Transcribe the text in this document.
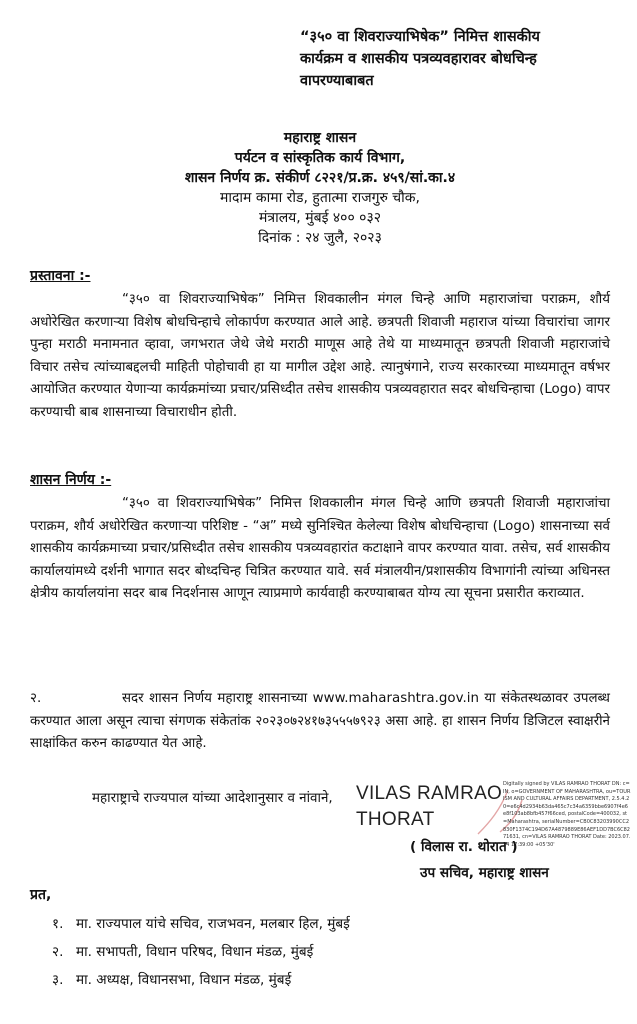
“३५० वा शिवराज्याभिषेक” निमित्त शासकीय
कार्यक्रम व शासकीय पत्रव्यवहारावर बोधचिन्ह
वापरण्याबाबत
महाराष्ट्र शासन
पर्यटन व सांस्कृतिक कार्य विभाग,
शासन निर्णय क्र. संकीर्ण ८२२१/प्र.क्र. ४५९/सां.का.४
मादाम कामा रोड, हुतात्मा राजगुरु चौक,
मंत्रालय, मुंबई ४०० ०३२
दिनांक : २४ जुलै, २०२३
प्रस्तावना :-
“३५० वा शिवराज्याभिषेक” निमित्त शिवकालीन मंगल चिन्हे आणि महाराजांचा पराक्रम, शौर्य अधोरेखित करणाऱ्या विशेष बोधचिन्हाचे लोकार्पण करण्यात आले आहे. छत्रपती शिवाजी महाराज यांच्या विचारांचा जागर पुन्हा मराठी मनामनात व्हावा, जगभरात जेथे जेथे मराठी माणूस आहे तेथे या माध्यमातून छत्रपती शिवाजी महाराजांचे विचार तसेच त्यांच्याबद्दलची माहिती पोहोचावी हा या मागील उद्देश आहे. त्यानुषंगाने, राज्य सरकारच्या माध्यमातून वर्षभर आयोजित करण्यात येणाऱ्या कार्यक्रमांच्या प्रचार/प्रसिध्दीत तसेच शासकीय पत्रव्यवहारात सदर बोधचिन्हाचा (Logo) वापर करण्याची बाब शासनाच्या विचाराधीन होती.
शासन निर्णय :-
“३५० वा शिवराज्याभिषेक” निमित्त शिवकालीन मंगल चिन्हे आणि छत्रपती शिवाजी महाराजांचा पराक्रम, शौर्य अधोरेखित करणाऱ्या परिशिष्ट - “अ” मध्ये सुनिश्चित केलेल्या विशेष बोधचिन्हाचा (Logo) शासनाच्या सर्व शासकीय कार्यक्रमाच्या प्रचार/प्रसिध्दीत तसेच शासकीय पत्रव्यवहारांत कटाक्षाने वापर करण्यात यावा. तसेच, सर्व शासकीय कार्यालयांमध्ये दर्शनी भागात सदर बोध्दचिन्ह चित्रित करण्यात यावे. सर्व मंत्रालयीन/प्रशासकीय विभागांनी त्यांच्या अधिनस्त क्षेत्रीय कार्यालयांना सदर बाब निदर्शनास आणून त्याप्रमाणे कार्यवाही करण्याबाबत योग्य त्या सूचना प्रसारीत कराव्यात.
२.	सदर शासन निर्णय महाराष्ट्र शासनाच्या www.maharashtra.gov.in या संकेतस्थळावर उपलब्ध करण्यात आला असून त्याचा संगणक संकेतांक २०२३०७२४१७३५५५७९२३ असा आहे. हा शासन निर्णय डिजिटल स्वाक्षरीने साक्षांकित करुन काढण्यात येत आहे.
महाराष्ट्राचे राज्यपाल यांच्या आदेशानुसार व नांवाने, VILAS RAMRAO
THORAT
Digitally signed by VILAS RAMRAO THORAT DN: c=IN, o=GOVERNMENT OF MAHARASHTRA, ou=TOURISM AND CULTURAL AFFAIRS DEPARTMENT, 2.5.4.20=e6c4d2934b63da465c7c34a6359bbe6907f4e6e8f103ab8bfb457f66ced, postalCode=400032, st=Maharashtra, serialNumber=CB0C83203990CC2830F1374C194D67A4879889E86AEF1DD7BC6C8271631, cn=VILAS RAMRAO THORAT Date: 2023.07.24 17:39:00 +05'30'
( विलास रा. थोरात )
उप सचिव, महाराष्ट्र शासन
प्रत,
१. मा. राज्यपाल यांचे सचिव, राजभवन, मलबार हिल, मुंबई
२. मा. सभापती, विधान परिषद, विधान मंडळ, मुंबई
३. मा. अध्यक्ष, विधानसभा, विधान मंडळ, मुंबई
